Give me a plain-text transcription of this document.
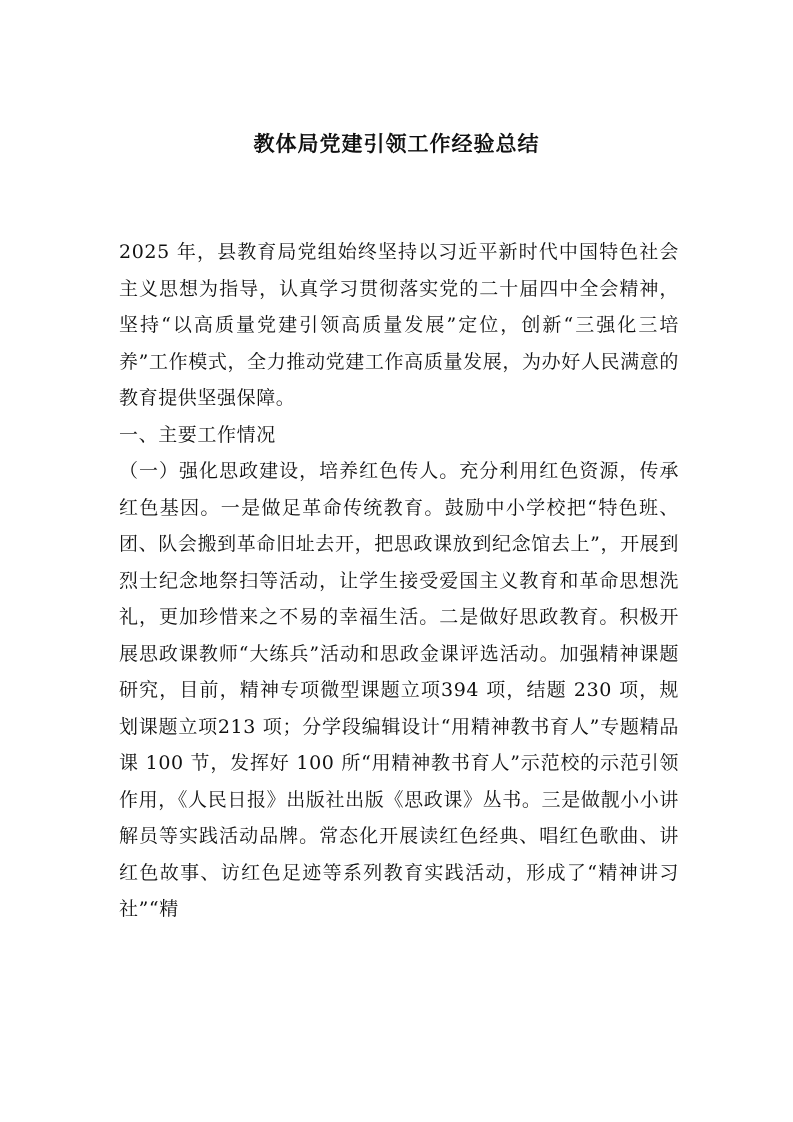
教体局党建引领工作经验总结

2025 年，县教育局党组始终坚持以习近平新时代中国特色社会主义思想为指导，认真学习贯彻落实党的二十届四中全会精神，坚持“以高质量党建引领高质量发展”定位，创新“三强化三培养”工作模式，全力推动党建工作高质量发展，为办好人民满意的教育提供坚强保障。

一、主要工作情况

（一）强化思政建设，培养红色传人。充分利用红色资源，传承红色基因。一是做足革命传统教育。鼓励中小学校把“特色班、团、队会搬到革命旧址去开，把思政课放到纪念馆去上”，开展到烈士纪念地祭扫等活动，让学生接受爱国主义教育和革命思想洗礼，更加珍惜来之不易的幸福生活。二是做好思政教育。积极开展思政课教师“大练兵”活动和思政金课评选活动。加强精神课题研究，目前，精神专项微型课题立项394 项，结题 230 项，规划课题立项213 项；分学段编辑设计“用精神教书育人”专题精品课 100 节，发挥好 100 所“用精神教书育人”示范校的示范引领作用，《人民日报》出版社出版《思政课》丛书。三是做靓小小讲解员等实践活动品牌。常态化开展读红色经典、唱红色歌曲、讲红色故事、访红色足迹等系列教育实践活动，形成了“精神讲习社”“精
